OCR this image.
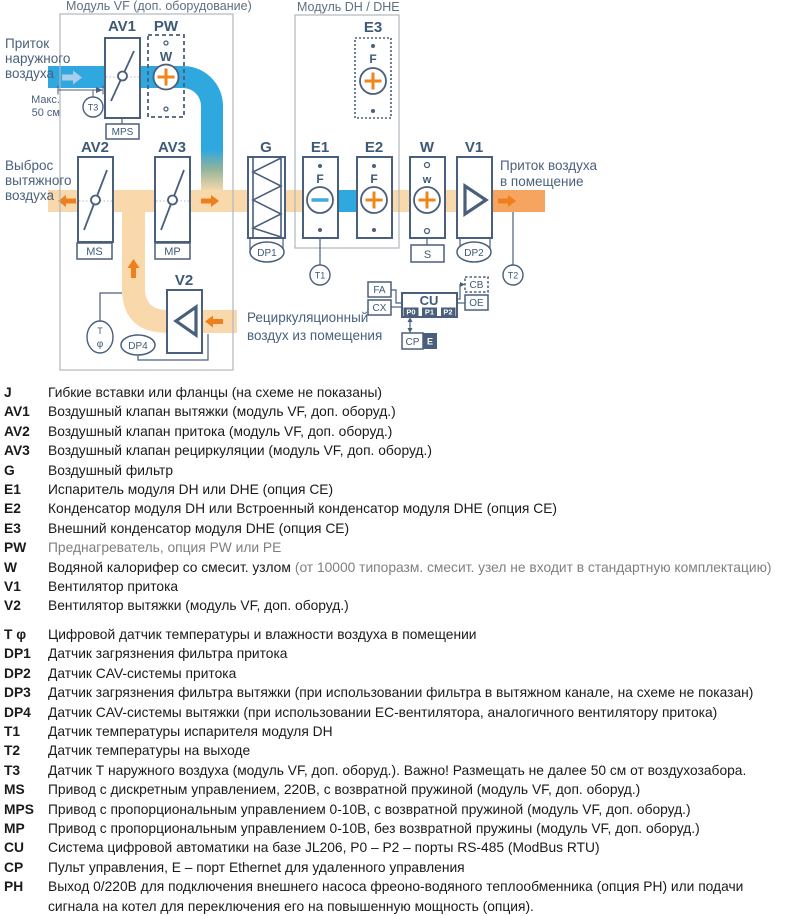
Модуль VF (доп. оборудование)	Модуль DH / DHE
Макс.
50 см
MPS
W
MS	MP	DP1
F	F
F
w
S	DP2
T3
T1	T2
Т
φ	DP4
FA
CX
CU
P0 P1 P2
CB
OE
CP E
AV1 PW	E3
AV2	AV3	G	E1 E2 W V1
V2
Приток
наружного
воздуха
Выброс
вытяжного
воздуха
Приток воздуха
в помещение
Рециркуляционный
воздух из помещения
J	Гибкие вставки или фланцы (на схеме не показаны)
AV1	Воздушный клапан вытяжки (модуль VF, доп. оборуд.)
AV2	Воздушный клапан притока (модуль VF, доп. оборуд.)
AV3	Воздушный клапан рециркуляции (модуль VF, доп. оборуд.)
G	Воздушный фильтр
E1	Испаритель модуля DH или DHE (опция CE)
E2	Конденсатор модуля DH или Встроенный конденсатор модуля DHE (опция CE)
E3	Внешний конденсатор модуля DHE (опция CE)
PW	Преднагреватель, опция PW или PE
W	Водяной калорифер со смесит. узлом (от 10000 типоразм. смесит. узел не входит в стандартную комплектацию)
V1	Вентилятор притока
V2	Вентилятор вытяжки (модуль VF, доп. оборуд.)
Т φ	Цифровой датчик температуры и влажности воздуха в помещении
DP1	Датчик загрязнения фильтра притока
DP2	Датчик CAV-системы притока
DP3	Датчик загрязнения фильтра вытяжки (при использовании фильтра в вытяжном канале, на схеме не показан)
DP4	Датчик CAV-системы вытяжки (при использовании EC-вентилятора, аналогичного вентилятору притока)
T1	Датчик температуры испарителя модуля DH
T2	Датчик температуры на выходе
T3	Датчик Т наружного воздуха (модуль VF, доп. оборуд.). Важно! Размещать не далее 50 см от воздухозабора.
MS	Привод с дискретным управлением, 220В, с возвратной пружиной (модуль VF, доп. оборуд.)
MPS	Привод с пропорциональным управлением 0-10В, с возвратной пружиной (модуль VF, доп. оборуд.)
MP	Привод с пропорциональным управлением 0-10В, без возвратной пружины (модуль VF, доп. оборуд.)
CU	Система цифровой автоматики на базе JL206, P0 – P2 – порты RS-485 (ModBus RTU)
CP	Пульт управления, Е – порт Ethernet для удаленного управления
PH	Выход 0/220В для подключения внешнего насоса фреоно-водяного теплообменника (опция PH) или подачи сигнала на котел для переключения его на повышенную мощность (опция).
